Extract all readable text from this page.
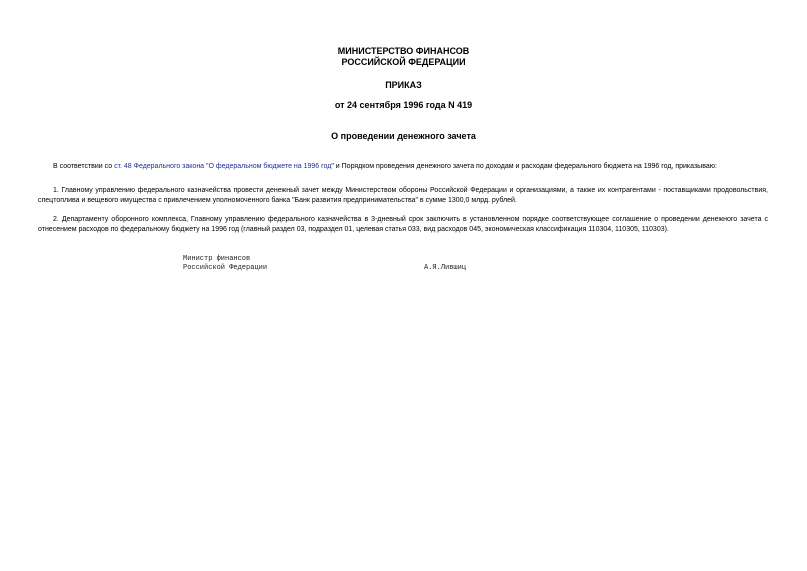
МИНИСТЕРСТВО ФИНАНСОВ
РОССИЙСКОЙ ФЕДЕРАЦИИ
ПРИКАЗ
от 24 сентября 1996 года N 419
О проведении денежного зачета
В соответствии со ст. 48 Федерального закона "О федеральном бюджете на 1996 год" и Порядком проведения денежного зачета по доходам и расходам федерального бюджета на 1996 год, приказываю:
1. Главному управлению федерального казначейства провести денежный зачет между Министерством обороны Российской Федерации и организациями, а также их контрагентами - поставщиками продовольствия, спецтоплива и вещевого имущества с привлечением уполномоченного банка "Банк развития предпринимательства" в сумме 1300,0 млрд. рублей.
2. Департаменту оборонного комплекса, Главному управлению федерального казначейства в 3-дневный срок заключить в установленном порядке соответствующее соглашение о проведении денежного зачета с отнесением расходов по федеральному бюджету на 1996 год (главный раздел 03, подраздел 01, целевая статья 033, вид расходов 045, экономическая классификация 110304, 110305, 110303).
Министр финансов
Российской Федерации	А.Я.Лившиц
